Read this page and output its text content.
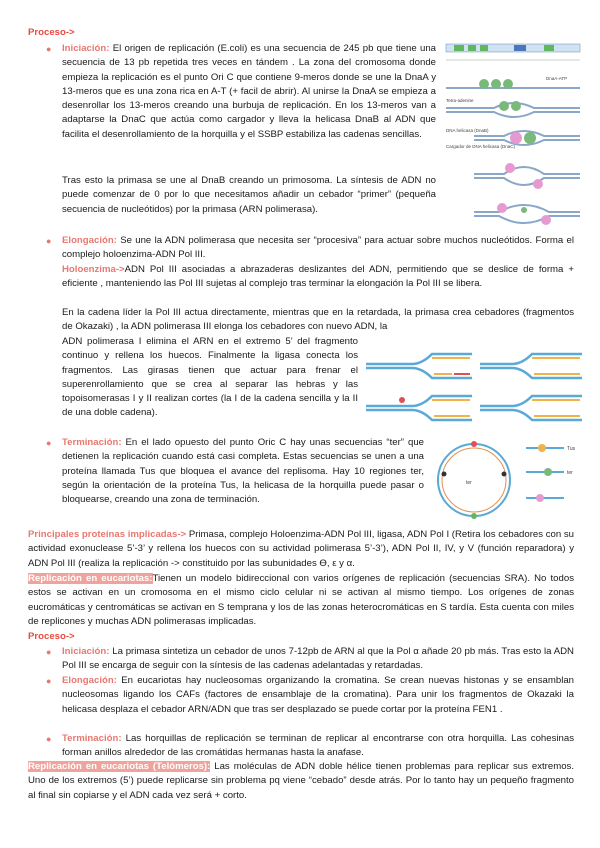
Proceso->
● Iniciación: El origen de replicación (E.coli) es una secuencia de 245 pb que tiene una secuencia de 13 pb repetida tres veces en tándem . La zona del cromosoma donde empieza la replicación es el punto Ori C que contiene 9-meros donde se une la DnaA y 13-meros que es una zona rica en A-T (+ facil de abrir). Al unirse la DnaA se empieza a desenrollar los 13-meros creando una burbuja de replicación. En los 13-meros van a adaptarse la DnaC que actúa como cargador y lleva la helicasa DnaB al ADN que facilita el desenrollamiento de la horquilla y el SSBP estabiliza las cadenas sencillas.

Tras esto la primasa se une al DnaB creando un primosoma. La síntesis de ADN no puede comenzar de 0 por lo que necesitamos añadir un cebador “primer” (pequeña secuencia de nucleótidos) por la primasa (ARN polimerasa).

DnaA-ATP
Tetra-adenine
DNA helicasa (DnaB)
Cargador de DNA helicasa (DnaC)
● Elongación: Se une la ADN polimerasa que necesita ser “procesiva” para actuar sobre muchos nucleótidos. Forma el complejo holoenzima-ADN Pol III.

Holoenzima->ADN Pol III asociadas a abrazaderas deslizantes del ADN, permitiendo que se deslice de forma + eficiente , manteniendo las Pol III sujetas al complejo tras terminar la elongación la Pol III se libera.

En la cadena líder la Pol III actua directamente, mientras que en la retardada, la primasa crea cebadores (fragmentos de Okazaki) , la ADN polimerasa III elonga los cebadores con nuevo ADN, la

ADN polimerasa I elimina el ARN en el extremo 5’ del fragmento continuo y rellena los huecos. Finalmente la ligasa conecta los fragmentos. Las girasas tienen que actuar para frenar el superenrollamiento que se crea al separar las hebras y las topoisomerasas I y II realizan cortes (la I de la cadena sencilla y la II de una doble cadena).

● Terminación: En el lado opuesto del punto Oric C hay unas secuencias “ter” que detienen la replicación cuando está casi completa. Estas secuencias se unen a una proteína llamada Tus que bloquea el avance del replisoma. Hay 10 regiones ter, según la orientación de la proteína Tus, la helicasa de la horquilla puede pasar o bloquearse, creando una zona de terminación.

ter
Tus
ter

Principales proteínas implicadas-> Primasa, complejo Holoenzima-ADN Pol III, ligasa, ADN Pol I (Retira los cebadores con su actividad exonuclease 5’-3’ y rellena los huecos con su actividad polimerasa 5’-3’), ADN Pol II, IV, y V (función reparadora) y ADN Pol III (realiza la replicación -> constituido por las subunidades ϴ, ε y α.

Replicación en eucariotas:Tienen un modelo bidireccional con varios orígenes de replicación (secuencias SRA). No todos estos se activan en un cromosoma en el mismo ciclo celular ni se activan al mismo tiempo. Los orígenes de zonas eucromáticas y centromáticas se activan en S temprana y los de las zonas heterocromáticas en S tardía. Esta cuenta con miles de replicones y muchas ADN polimerasas implicadas.

Proceso->
● Iniciación: La primasa sintetiza un cebador de unos 7-12pb de ARN al que la Pol α añade 20 pb más. Tras esto la ADN Pol III se encarga de seguir con la síntesis de las cadenas adelantadas y retardadas.

● Elongación: En eucariotas hay nucleosomas organizando la cromatina. Se crean nuevas histonas y se ensamblan nucleosomas ligando los CAFs (factores de ensamblaje de la cromatina). Para unir los fragmentos de Okazaki la helicasa desplaza el cebador ARN/ADN que tras ser desplazado se puede cortar por la proteína FEN1 .

● Terminación: Las horquillas de replicación se terminan de replicar al encontrarse con otra horquilla. Las cohesinas forman anillos alrededor de las cromátidas hermanas hasta la anafase.

Replicación en eucariotas (Telómeros): Las moléculas de ADN doble hélice tienen problemas para replicar sus extremos. Uno de los extremos (5’) puede replicarse sin problema pq viene “cebado” desde atrás. Por lo tanto hay un pequeño fragmento al final sin copiarse y el ADN cada vez será + corto.
